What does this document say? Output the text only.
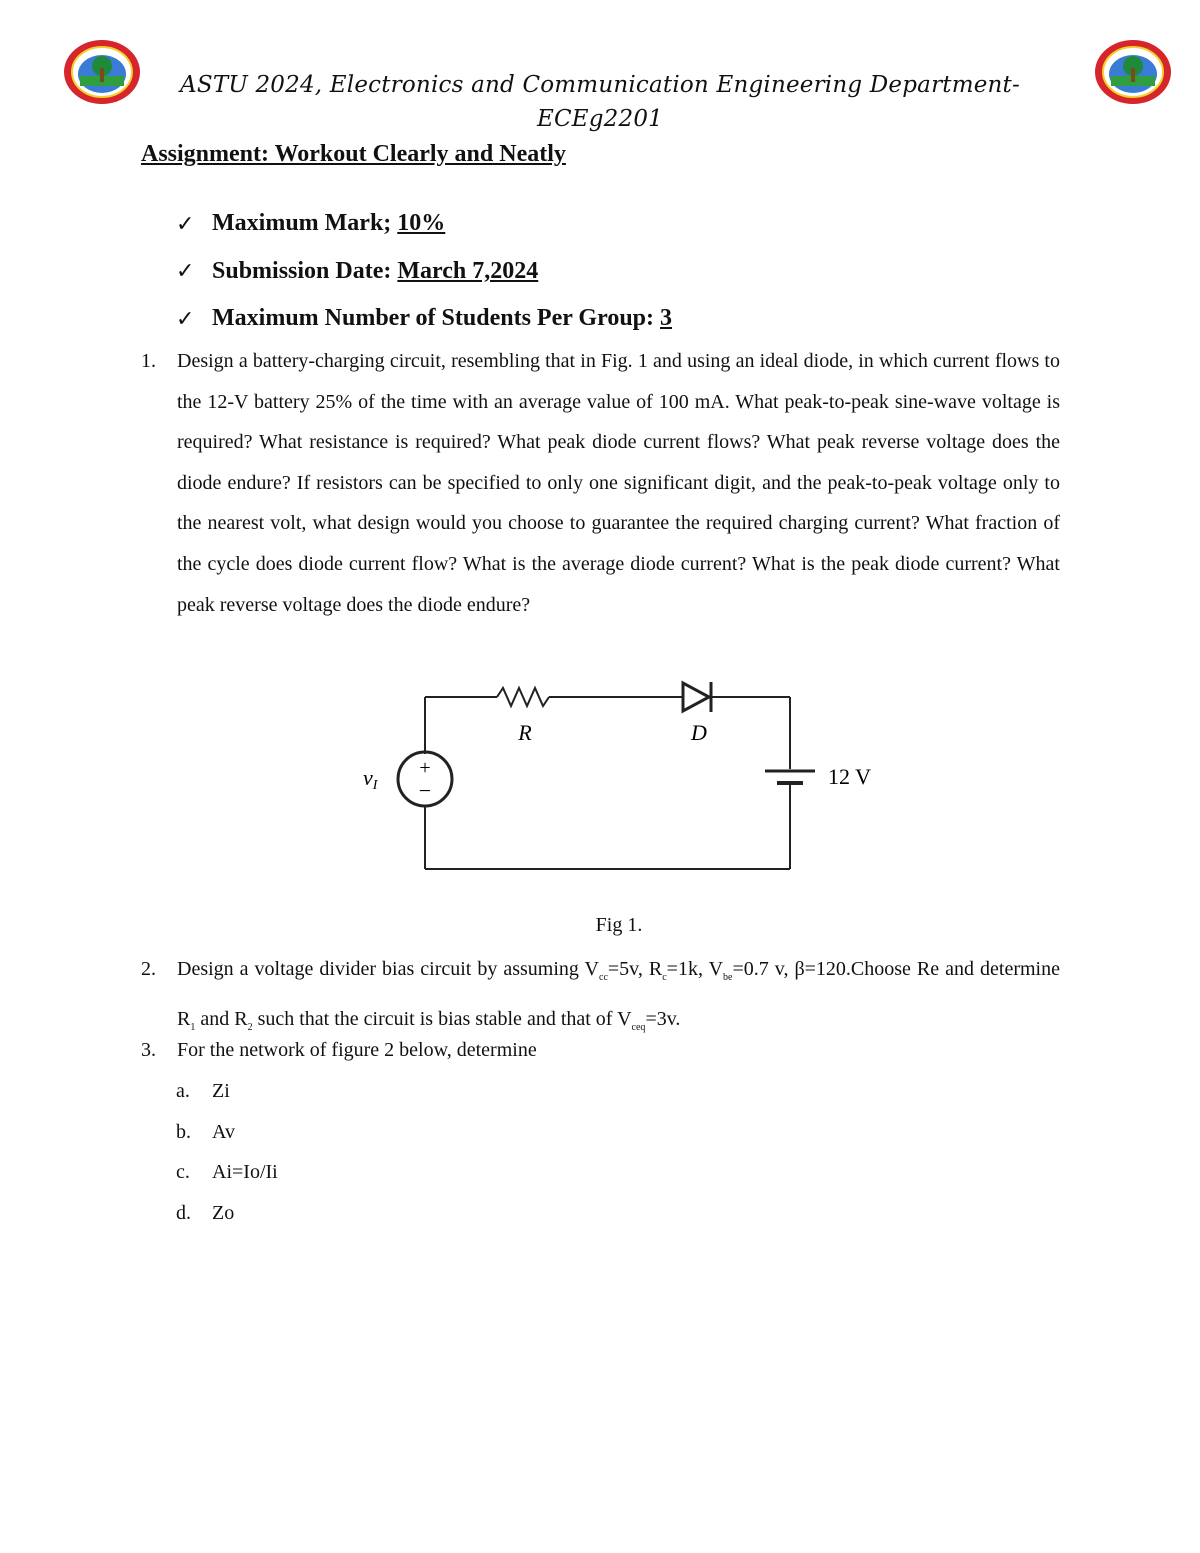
ASTU 2024, Electronics and Communication Engineering Department-
ECEg2201
Assignment: Workout Clearly and Neatly
✓ Maximum Mark; 10%
✓ Submission Date: March 7,2024
✓ Maximum Number of Students Per Group: 3
1.	Design a battery-charging circuit, resembling that in Fig. 1 and using an ideal diode, in which current flows to the 12-V battery 25% of the time with an average value of 100 mA. What peak-to-peak sine-wave voltage is required? What resistance is required? What peak diode current flows? What peak reverse voltage does the diode endure? If resistors can be specified to only one significant digit, and the peak-to-peak voltage only to the nearest volt, what design would you choose to guarantee the required charging current? What fraction of the cycle does diode current flow? What is the average diode current? What is the peak diode current? What peak reverse voltage does the diode endure?
+
−
vI
R	D
12 V
Fig 1.
2.	Design a voltage divider bias circuit by assuming $V_{cc}=5v$, $R_c=1k$, $V_{be}=0.7$ v, β=120.Choose Re and determine $R_1$ and $R_2$ such that the circuit is bias stable and that of $V_{ceq}=3v$.
3.	For the network of figure 2 below, determine
a. Zi
b. Av
c. Ai=Io/Ii
d. Zo
